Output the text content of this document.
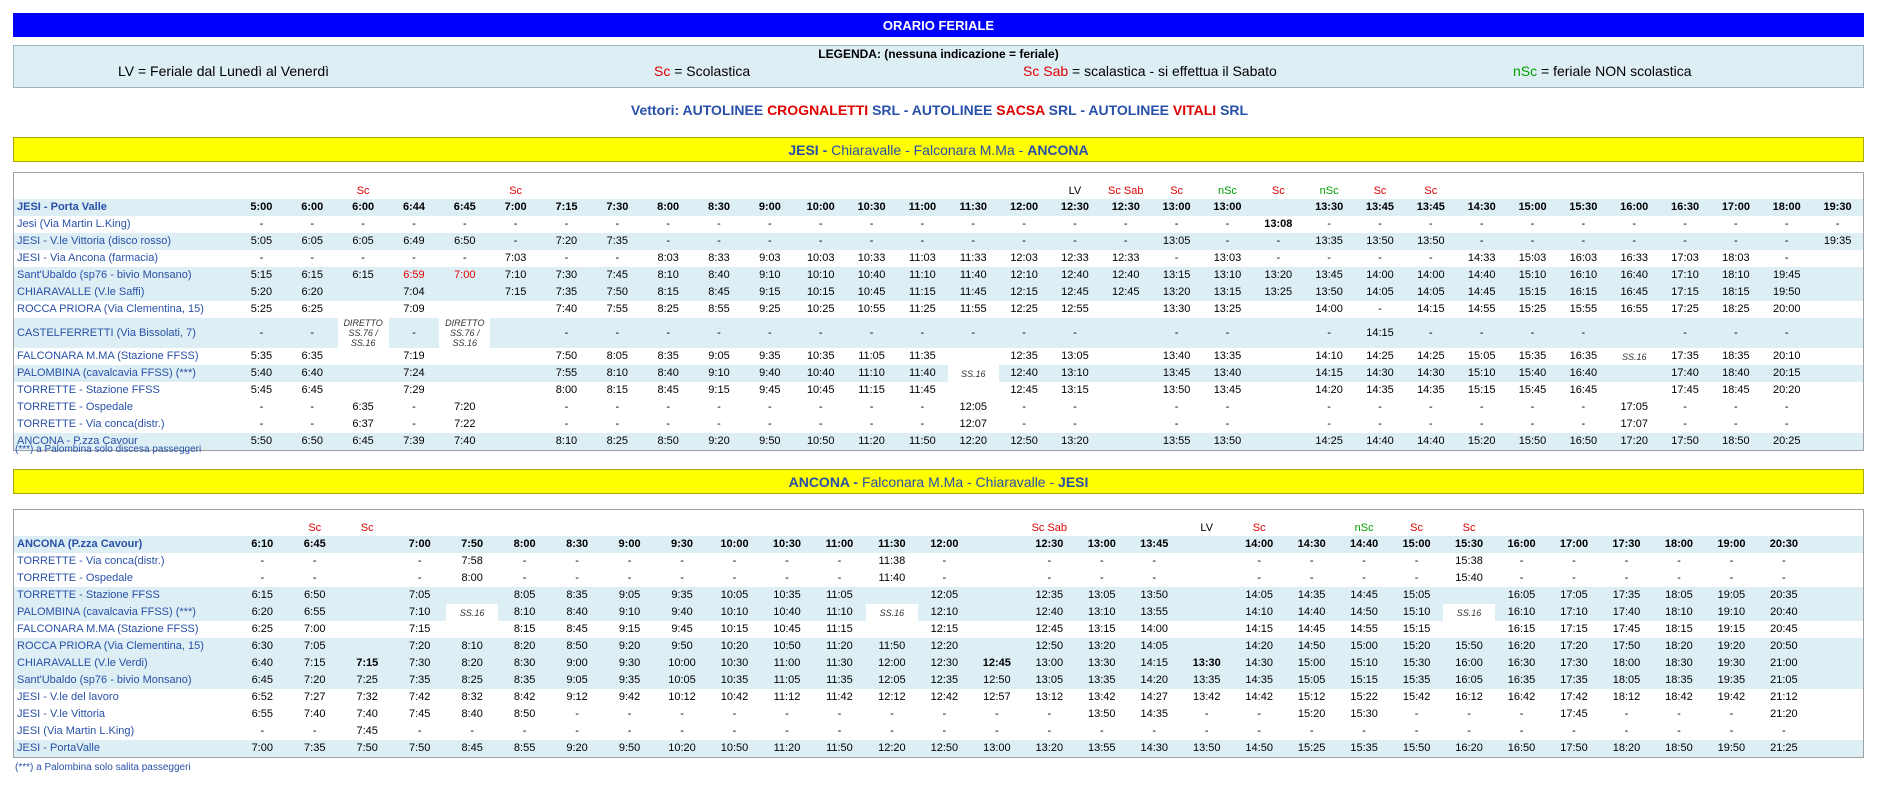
ORARIO FERIALE
LEGENDA: (nessuna indicazione = feriale)
LV = Feriale dal Lunedì al Venerdì	Sc = Scolastica	Sc Sab = scalastica - si effettua il Sabato	nSc = feriale NON scolastica
Vettori: AUTOLINEE CROGNALETTI SRL - AUTOLINEE SACSA SRL - AUTOLINEE VITALI SRL
JESI - Chiaravalle - Falconara M.Ma - ANCONA
			Sc			Sc											LV	Sc Sab	Sc	nSc	Sc	nSc	Sc	Sc								
JESI - Porta Valle	5:00	6:00	6:00	6:44	6:45	7:00	7:15	7:30	8:00	8:30	9:00	10:00	10:30	11:00	11:30	12:00	12:30	12:30	13:00	13:00		13:30	13:45	13:45	14:30	15:00	15:30	16:00	16:30	17:00	18:00	19:30
Jesi (Via Martin L.King)	-	-	-	-	-	-	-	-	-	-	-	-	-	-	-	-	-	-	-	-	13:08	-	-	-	-	-	-	-	-	-	-	-
JESI - V.le Vittoria (disco rosso)	5:05	6:05	6:05	6:49	6:50	-	7:20	7:35	-	-	-	-	-	-	-	-	-	-	13:05	-	-	13:35	13:50	13:50	-	-	-	-	-	-	-	19:35
JESI - Via Ancona (farmacia)	-	-	-	-	-	7:03	-	-	8:03	8:33	9:03	10:03	10:33	11:03	11:33	12:03	12:33	12:33	-	13:03	-	-	-	-	14:33	15:03	16:03	16:33	17:03	18:03	-	
Sant'Ubaldo (sp76 - bivio Monsano)	5:15	6:15	6:15	6:59	7:00	7:10	7:30	7:45	8:10	8:40	9:10	10:10	10:40	11:10	11:40	12:10	12:40	12:40	13:15	13:10	13:20	13:45	14:00	14:00	14:40	15:10	16:10	16:40	17:10	18:10	19:45	
CHIARAVALLE (V.le Saffi)	5:20	6:20		7:04		7:15	7:35	7:50	8:15	8:45	9:15	10:15	10:45	11:15	11:45	12:15	12:45	12:45	13:20	13:15	13:25	13:50	14:05	14:05	14:45	15:15	16:15	16:45	17:15	18:15	19:50	
ROCCA PRIORA (Via Clementina, 15)	5:25	6:25		7:09			7:40	7:55	8:25	8:55	9:25	10:25	10:55	11:25	11:55	12:25	12:55		13:30	13:25		14:00	-	14:15	14:55	15:25	15:55	16:55	17:25	18:25	20:00	
CASTELFERRETTI (Via Bissolati, 7)	-	-	DIRETTO SS.76 / SS.16	-	DIRETTO SS.76 / SS.16		-	-	-	-	-	-	-	-	-	-	-		-	-		-	14:15	-	-	-	-		-	-	-	
FALCONARA M.MA (Stazione FFSS)	5:35	6:35		7:19			7:50	8:05	8:35	9:05	9:35	10:35	11:05	11:35		12:35	13:05		13:40	13:35		14:10	14:25	14:25	15:05	15:35	16:35	SS.16	17:35	18:35	20:10	
PALOMBINA (cavalcavia FFSS) (***)	5:40	6:40		7:24			7:55	8:10	8:40	9:10	9:40	10:40	11:10	11:40	SS.16	12:40	13:10		13:45	13:40		14:15	14:30	14:30	15:10	15:40	16:40		17:40	18:40	20:15	
TORRETTE - Stazione FFSS	5:45	6:45		7:29			8:00	8:15	8:45	9:15	9:45	10:45	11:15	11:45		12:45	13:15		13:50	13:45		14:20	14:35	14:35	15:15	15:45	16:45		17:45	18:45	20:20	
TORRETTE - Ospedale	-	-	6:35	-	7:20		-	-	-	-	-	-	-	-	12:05	-	-		-	-		-	-	-	-	-	-	17:05	-	-	-	
TORRETTE - Via conca(distr.)	-	-	6:37	-	7:22		-	-	-	-	-	-	-	-	12:07	-	-		-	-		-	-	-	-	-	-	17:07	-	-	-	
ANCONA - P.zza Cavour	5:50	6:50	6:45	7:39	7:40		8:10	8:25	8:50	9:20	9:50	10:50	11:20	11:50	12:20	12:50	13:20		13:55	13:50		14:25	14:40	14:40	15:20	15:50	16:50	17:20	17:50	18:50	20:25	
(***) a Palombina solo discesa passeggeri
ANCONA - Falconara M.Ma - Chiaravalle - JESI
		Sc	Sc													Sc Sab			LV	Sc		nSc	Sc	Sc							
ANCONA (P.zza Cavour)	6:10	6:45		7:00	7:50	8:00	8:30	9:00	9:30	10:00	10:30	11:00	11:30	12:00		12:30	13:00	13:45		14:00	14:30	14:40	15:00	15:30	16:00	17:00	17:30	18:00	19:00	20:30	
TORRETTE - Via conca(distr.)	-	-		-	7:58	-	-	-	-	-	-	-	11:38	-		-	-	-		-	-	-	-	15:38	-	-	-	-	-	-	
TORRETTE - Ospedale	-	-		-	8:00	-	-	-	-	-	-	-	11:40	-		-	-	-		-	-	-	-	15:40	-	-	-	-	-	-	
TORRETTE - Stazione FFSS	6:15	6:50		7:05		8:05	8:35	9:05	9:35	10:05	10:35	11:05		12:05		12:35	13:05	13:50		14:05	14:35	14:45	15:05		16:05	17:05	17:35	18:05	19:05	20:35	
PALOMBINA (cavalcavia FFSS) (***)	6:20	6:55		7:10	SS.16	8:10	8:40	9:10	9:40	10:10	10:40	11:10	SS.16	12:10		12:40	13:10	13:55		14:10	14:40	14:50	15:10	SS.16	16:10	17:10	17:40	18:10	19:10	20:40	
FALCONARA M.MA (Stazione FFSS)	6:25	7:00		7:15		8:15	8:45	9:15	9:45	10:15	10:45	11:15		12:15		12:45	13:15	14:00		14:15	14:45	14:55	15:15		16:15	17:15	17:45	18:15	19:15	20:45	
ROCCA PRIORA (Via Clementina, 15)	6:30	7:05		7:20	8:10	8:20	8:50	9:20	9:50	10:20	10:50	11:20	11:50	12:20		12:50	13:20	14:05		14:20	14:50	15:00	15:20	15:50	16:20	17:20	17:50	18:20	19:20	20:50	
CHIARAVALLE (V.le Verdi)	6:40	7:15	7:15	7:30	8:20	8:30	9:00	9:30	10:00	10:30	11:00	11:30	12:00	12:30	12:45	13:00	13:30	14:15	13:30	14:30	15:00	15:10	15:30	16:00	16:30	17:30	18:00	18:30	19:30	21:00	
Sant'Ubaldo (sp76 - bivio Monsano)	6:45	7:20	7:25	7:35	8:25	8:35	9:05	9:35	10:05	10:35	11:05	11:35	12:05	12:35	12:50	13:05	13:35	14:20	13:35	14:35	15:05	15:15	15:35	16:05	16:35	17:35	18:05	18:35	19:35	21:05	
JESI - V.le del lavoro	6:52	7:27	7:32	7:42	8:32	8:42	9:12	9:42	10:12	10:42	11:12	11:42	12:12	12:42	12:57	13:12	13:42	14:27	13:42	14:42	15:12	15:22	15:42	16:12	16:42	17:42	18:12	18:42	19:42	21:12	
JESI - V.le Vittoria	6:55	7:40	7:40	7:45	8:40	8:50	-	-	-	-	-	-	-	-	-	-	13:50	14:35	-	-	15:20	15:30	-	-	-	17:45	-	-	-	21:20	
JESI (Via Martin L.King)	-	-	7:45	-	-	-	-	-	-	-	-	-	-	-	-	-	-	-	-	-	-	-	-	-	-	-	-	-	-	-	
JESI - PortaValle	7:00	7:35	7:50	7:50	8:45	8:55	9:20	9:50	10:20	10:50	11:20	11:50	12:20	12:50	13:00	13:20	13:55	14:30	13:50	14:50	15:25	15:35	15:50	16:20	16:50	17:50	18:20	18:50	19:50	21:25	
(***) a Palombina solo salita passeggeri
